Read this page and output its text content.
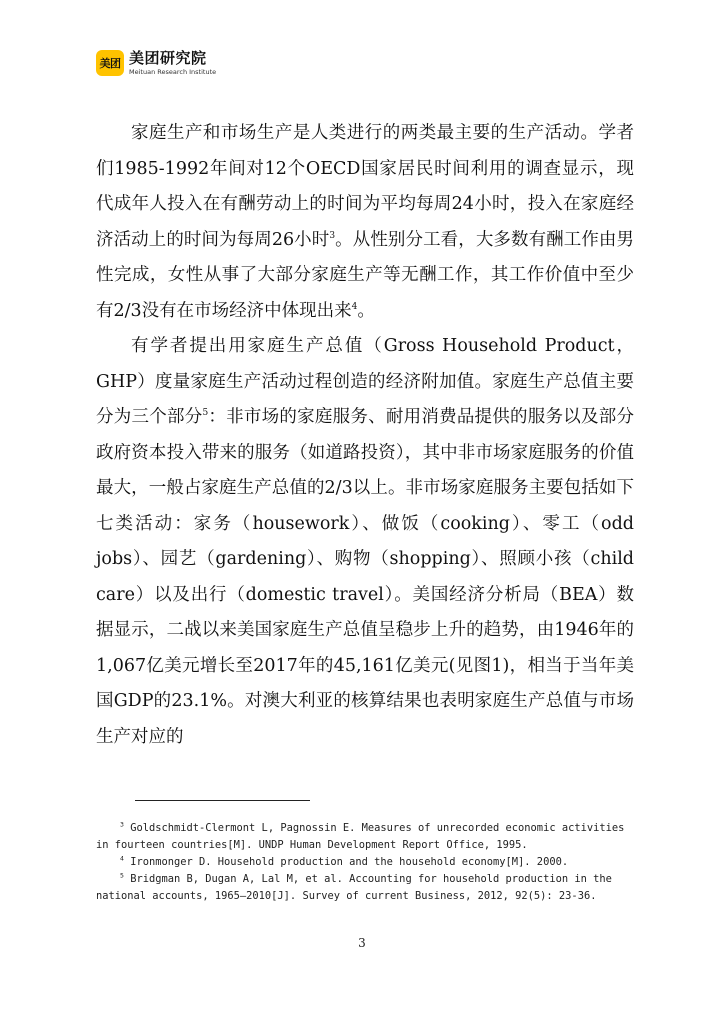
美团 美团研究院
Meituan Research Institute

家庭生产和市场生产是人类进行的两类最主要的生产活动。学者们1985-1992年间对12个OECD国家居民时间利用的调查显示，现代成年人投入在有酬劳动上的时间为平均每周24小时，投入在家庭经济活动上的时间为每周26小时$^3$。从性别分工看，大多数有酬工作由男性完成，女性从事了大部分家庭生产等无酬工作，其工作价值中至少有2/3没有在市场经济中体现出来$^4$。

有学者提出用家庭生产总值（Gross Household Product，GHP）度量家庭生产活动过程创造的经济附加值。家庭生产总值主要分为三个部分$^5$：非市场的家庭服务、耐用消费品提供的服务以及部分政府资本投入带来的服务（如道路投资），其中非市场家庭服务的价值最大，一般占家庭生产总值的2/3以上。非市场家庭服务主要包括如下七类活动：家务（housework）、做饭（cooking）、零工（odd jobs）、园艺（gardening）、购物（shopping）、照顾小孩（child care）以及出行（domestic travel）。美国经济分析局（BEA）数据显示，二战以来美国家庭生产总值呈稳步上升的趋势，由1946年的1,067亿美元增长至2017年的45,161亿美元(见图1)，相当于当年美国GDP的23.1%。对澳大利亚的核算结果也表明家庭生产总值与市场生产对应的

$^3$ Goldschmidt-Clermont L, Pagnossin E. Measures of unrecorded economic activities in fourteen countries[M]. UNDP Human Development Report Office, 1995.

$^4$ Ironmonger D. Household production and the household economy[M]. 2000.

$^5$ Bridgman B, Dugan A, Lal M, et al. Accounting for household production in the national accounts, 1965–2010[J]. Survey of current Business, 2012, 92(5): 23-36.

3
